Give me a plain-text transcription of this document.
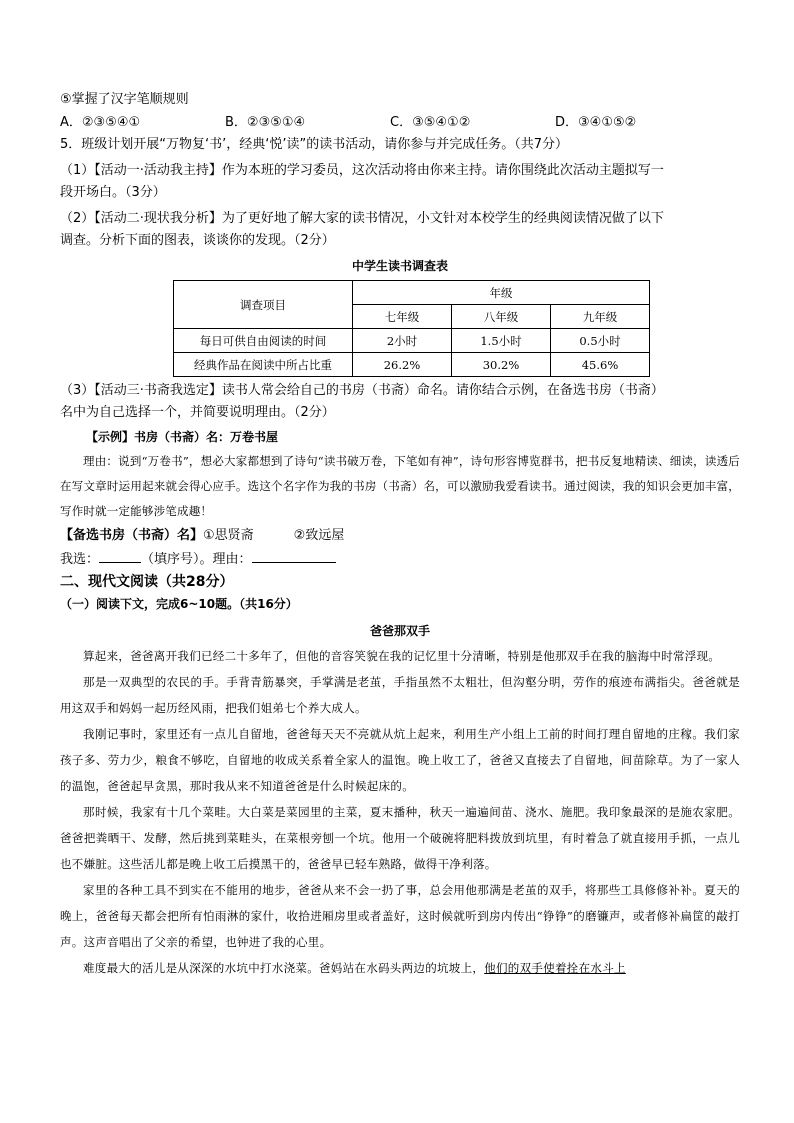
⑤掌握了汉字笔顺规则
A．②③⑤④①	B．②③⑤①④	C．③⑤④①②	D．③④①⑤②
5．班级计划开展“万物复‘书’，经典‘悦’读”的读书活动，请你参与并完成任务。（共7分）
（1）【活动一·活动我主持】作为本班的学习委员，这次活动将由你来主持。请你围绕此次活动主题拟写一
段开场白。（3分）
（2）【活动二·现状我分析】为了更好地了解大家的读书情况，小文针对本校学生的经典阅读情况做了以下
调查。分析下面的图表，谈谈你的发现。（2分）
中学生读书调查表
调查项目	年级		
	七年级	八年级	九年级
每日可供自由阅读的时间	2小时	1.5小时	0.5小时
经典作品在阅读中所占比重	26.2%	30.2%	45.6%
（3）【活动三·书斋我选定】读书人常会给自己的书房（书斋）命名。请你结合示例，在备选书房（书斋）
名中为自己选择一个，并简要说明理由。（2分）
【示例】书房（书斋）名：万卷书屋
理由：说到“万卷书”，想必大家都想到了诗句“读书破万卷，下笔如有神”，诗句形容博览群书，把书反复地精读、细读，读透后在写文章时运用起来就会得心应手。选这个名字作为我的书房（书斋）名，可以激励我爱看读书。通过阅读，我的知识会更加丰富，写作时就一定能够涉笔成趣！
【备选书房（书斋）名】①思贤斋	②致远屋
我选：	（填序号）。理由：
二、现代文阅读（共28分）
（一）阅读下文，完成6~10题。（共16分）
爸爸那双手

算起来，爸爸离开我们已经二十多年了，但他的音容笑貌在我的记忆里十分清晰，特别是他那双手在我的脑海中时常浮现。

那是一双典型的农民的手。手背青筋暴突，手掌满是老茧，手指虽然不太粗壮，但沟壑分明，劳作的痕迹布满指尖。爸爸就是用这双手和妈妈一起历经风雨，把我们姐弟七个养大成人。

我刚记事时，家里还有一点儿自留地，爸爸每天天不亮就从炕上起来，利用生产小组上工前的时间打理自留地的庄稼。我们家孩子多、劳力少，粮食不够吃，自留地的收成关系着全家人的温饱。晚上收工了，爸爸又直接去了自留地，间苗除草。为了一家人的温饱，爸爸起早贪黑，那时我从来不知道爸爸是什么时候起床的。

那时候，我家有十几个菜畦。大白菜是菜园里的主菜，夏末播种，秋天一遍遍间苗、浇水、施肥。我印象最深的是施农家肥。爸爸把粪晒干、发酵，然后挑到菜畦头，在菜根旁刨一个坑。他用一个破碗将肥料拨放到坑里，有时着急了就直接用手抓，一点儿也不嫌脏。这些活儿都是晚上收工后摸黑干的，爸爸早已轻车熟路，做得干净利落。

家里的各种工具不到实在不能用的地步，爸爸从来不会一扔了事，总会用他那满是老茧的双手，将那些工具修修补补。夏天的晚上，爸爸每天都会把所有怕雨淋的家什，收拾进厢房里或者盖好，这时候就听到房内传出“铮铮”的磨镰声，或者修补扁筐的敲打声。这声音唱出了父亲的希望，也钟进了我的心里。

难度最大的活儿是从深深的水坑中打水浇菜。爸妈站在水码头两边的坑坡上，他们的双手使着拴在水斗上
